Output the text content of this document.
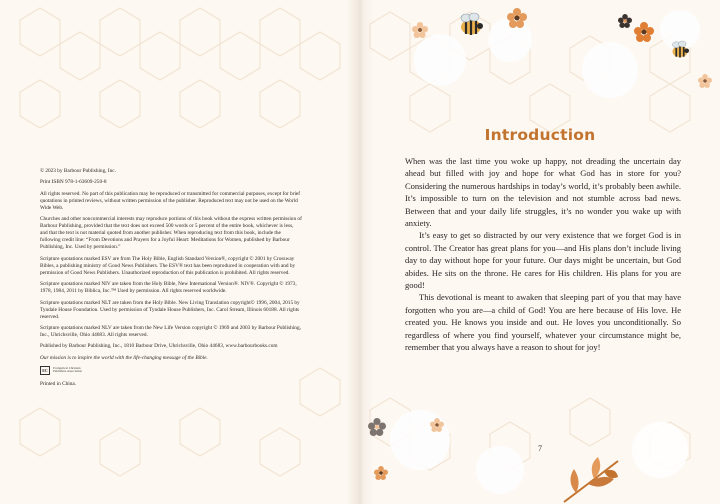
© 2023 by Barbour Publishing, Inc.

Print ISBN 978-1-63609-250-8

All rights reserved. No part of this publication may be reproduced or transmitted for commercial purposes, except for brief quotations in printed reviews, without written permission of the publisher. Reproduced text may not be used on the World Wide Web.

Churches and other noncommercial interests may reproduce portions of this book without the express written permission of Barbour Publishing, provided that the text does not exceed 500 words or 5 percent of the entire book, whichever is less, and that the text is not material quoted from another publisher. When reproducing text from this book, include the following credit line: “From Devotions and Prayers for a Joyful Heart: Meditations for Women, published by Barbour Publishing, Inc. Used by permission.”

Scripture quotations marked ESV are from The Holy Bible, English Standard Version®, copyright © 2001 by Crossway Bibles, a publishing ministry of Good News Publishers. The ESV® text has been reproduced in cooperation with and by permission of Good News Publishers. Unauthorized reproduction of this publication is prohibited. All rights reserved.

Scripture quotations marked NIV are taken from the Holy Bible, New International Version®. NIV®. Copyright © 1973, 1978, 1984, 2011 by Biblica, Inc.™ Used by permission. All rights reserved worldwide.

Scripture quotations marked NLT are taken from the Holy Bible. New Living Translation copyright© 1996, 2004, 2015 by Tyndale House Foundation. Used by permission of Tyndale House Publishers, Inc. Carol Stream, Illinois 60188. All rights reserved.

Scripture quotations marked NLV are taken from the New Life Version copyright © 1969 and 2003 by Barbour Publishing, Inc., Uhrichsville, Ohio 44683. All rights reserved.

Published by Barbour Publishing, Inc., 1810 Barbour Drive, Uhrichsville, Ohio 44683, www.barbourbooks.com

Our mission is to inspire the world with the life-changing message of the Bible.

EC
Evangelical Christian Publishers Association

Printed in China.

Introduction

When was the last time you woke up happy, not dreading the uncertain day ahead but filled with joy and hope for what God has in store for you? Considering the numerous hardships in today’s world, it’s probably been awhile. It’s impossible to turn on the television and not stumble across bad news. Between that and your daily life struggles, it’s no wonder you wake up with anxiety.

It’s easy to get so distracted by our very existence that we forget God is in control. The Creator has great plans for you—and His plans don’t include living day to day without hope for your future. Our days might be uncertain, but God abides. He sits on the throne. He cares for His children. His plans for you are good!

This devotional is meant to awaken that sleeping part of you that may have forgotten who you are—a child of God! You are here because of His love. He created you. He knows you inside and out. He loves you unconditionally. So regardless of where you find yourself, whatever your circumstance might be, remember that you always have a reason to shout for joy!

7
